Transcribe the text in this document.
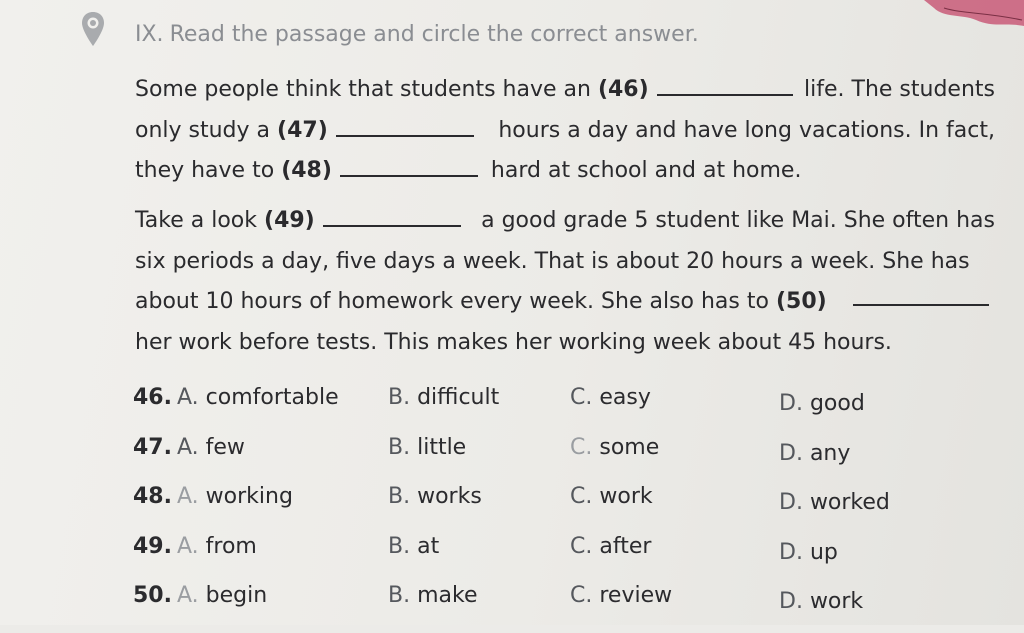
IX. Read the passage and circle the correct answer.
Some people think that students have an (46)	life. The students
only study a (47)	hours a day and have long vacations. In fact,
they have to (48)	hard at school and at home.
Take a look (49)	a good grade 5 student like Mai. She often has
six periods a day, five days a week. That is about 20 hours a week. She has
about 10 hours of homework every week. She also has to (50)
her work before tests. This makes her working week about 45 hours.
46. A. comfortable B. difficult	C. easy	D. good
47. A. few	B. little	C. some	D. any
48. A. working	B. works	C. work	D. worked
49. A. from	B. at	C. after	D. up
50. A. begin	B. make	C. review	D. work
